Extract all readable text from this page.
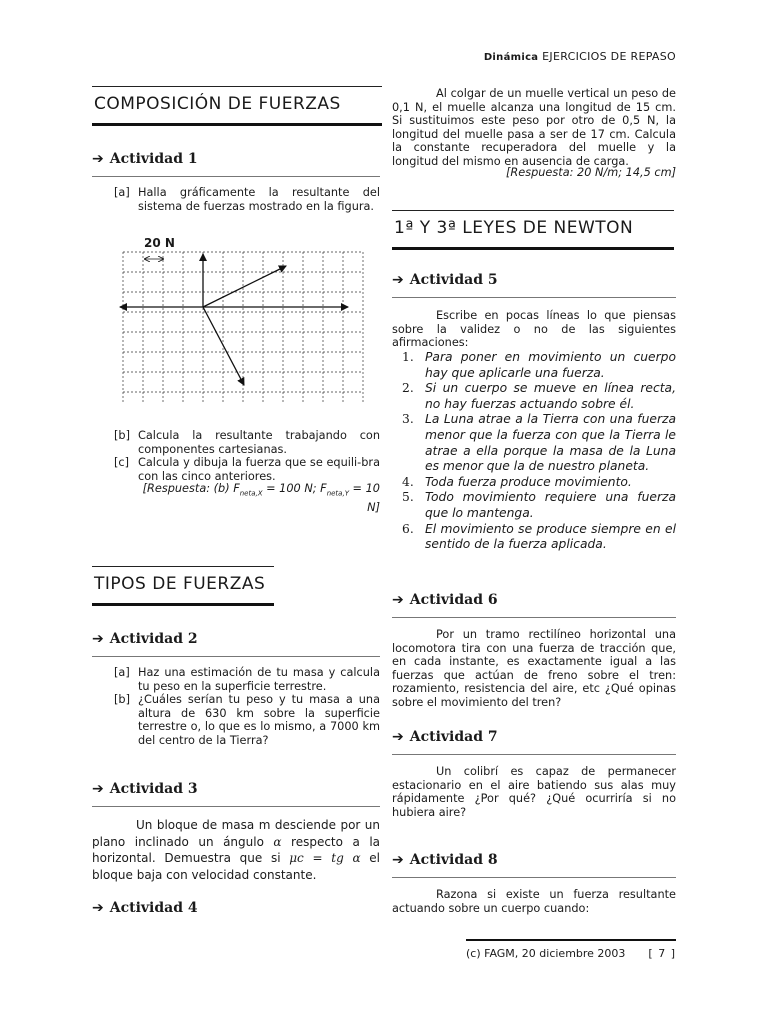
Dinámica EJERCICIOS DE REPASO
COMPOSICIÓN DE FUERZAS
➔ Actividad 1
[a] Halla gráficamente la resultante del sistema de fuerzas mostrado en la figura.
20 N
[b] Calcula la resultante trabajando con componentes cartesianas.
[c] Calcula y dibuja la fuerza que se equili-bra con las cinco anteriores.
[Respuesta: (b) $F_{neta,X} = 100$ N; $F_{neta,Y} = 10$ N]
TIPOS DE FUERZAS
➔ Actividad 2
[a] Haz una estimación de tu masa y calcula tu peso en la superficie terrestre.
[b] ¿Cuáles serían tu peso y tu masa a una altura de 630 km sobre la superficie terrestre o, lo que es lo mismo, a 7000 km del centro de la Tierra?
➔ Actividad 3
Un bloque de masa m desciende por un plano inclinado un ángulo α respecto a la horizontal. Demuestra que si μc = tg α el bloque baja con velocidad constante.
➔ Actividad 4
Al colgar de un muelle vertical un peso de 0,1 N, el muelle alcanza una longitud de 15 cm. Si sustituimos este peso por otro de 0,5 N, la longitud del muelle pasa a ser de 17 cm. Calcula la constante recuperadora del muelle y la longitud del mismo en ausencia de carga.
[Respuesta: 20 N/m; 14,5 cm]
1ª Y 3ª LEYES DE NEWTON
➔ Actividad 5
Escribe en pocas líneas lo que piensas sobre la validez o no de las siguientes afirmaciones:
1. Para poner en movimiento un cuerpo hay que aplicarle una fuerza.
2. Si un cuerpo se mueve en línea recta, no hay fuerzas actuando sobre él.
3. La Luna atrae a la Tierra con una fuerza menor que la fuerza con que la Tierra le atrae a ella porque la masa de la Luna es menor que la de nuestro planeta.
4. Toda fuerza produce movimiento.
5. Todo movimiento requiere una fuerza que lo mantenga.
6. El movimiento se produce siempre en el sentido de la fuerza aplicada.
➔ Actividad 6
Por un tramo rectilíneo horizontal una locomotora tira con una fuerza de tracción que, en cada instante, es exactamente igual a las fuerzas que actúan de freno sobre el tren: rozamiento, resistencia del aire, etc ¿Qué opinas sobre el movimiento del tren?
➔ Actividad 7
Un colibrí es capaz de permanecer estacionario en el aire batiendo sus alas muy rápidamente ¿Por qué? ¿Qué ocurriría si no hubiera aire?
➔ Actividad 8
Razona si existe un fuerza resultante actuando sobre un cuerpo cuando:
(c) FAGM, 20 diciembre 2003 [ 7 ]
